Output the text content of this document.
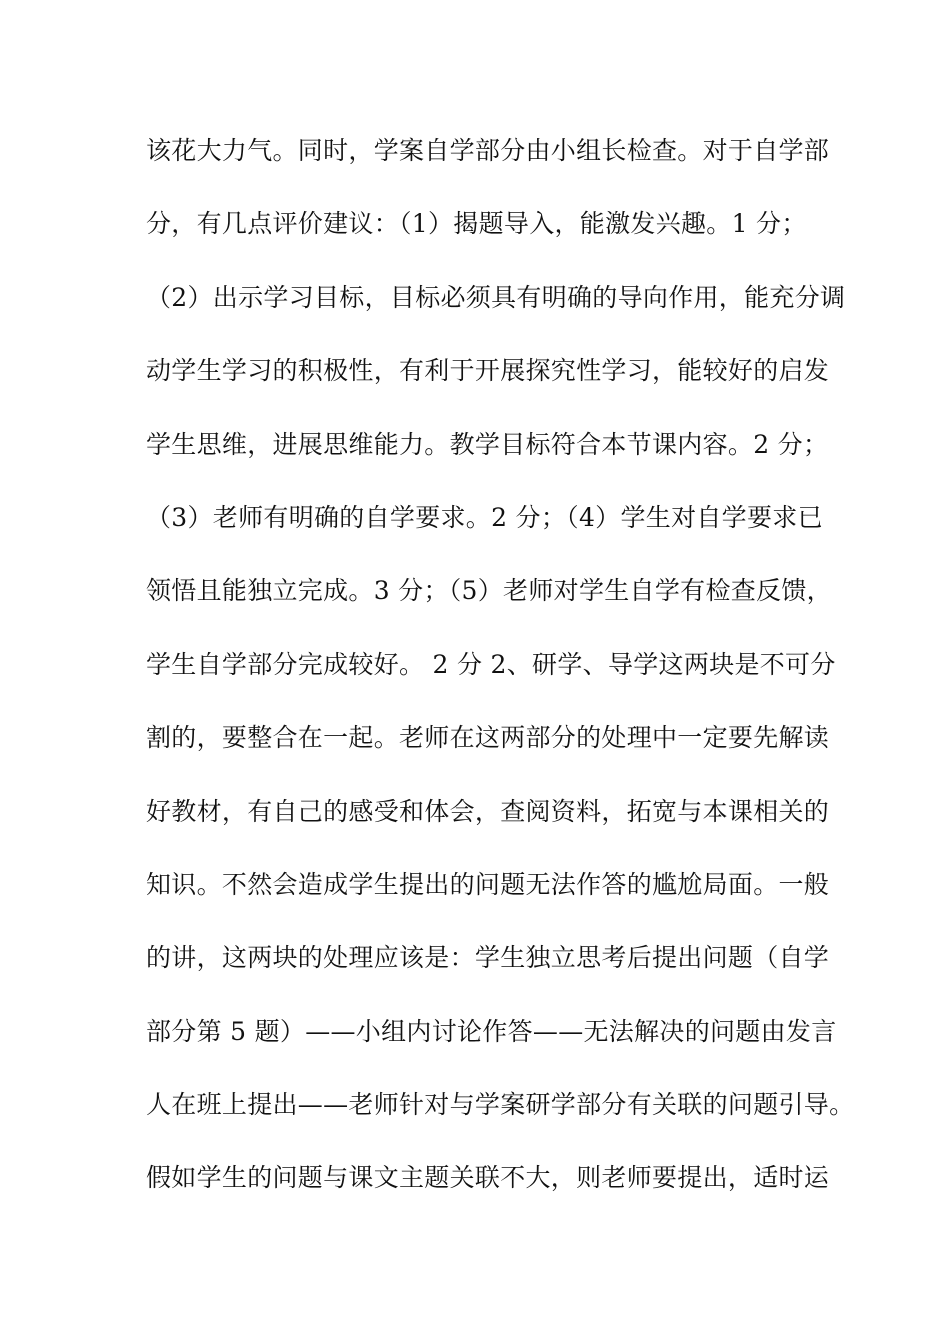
该花大力气。同时，学案自学部分由小组长检查。对于自学部
分，有几点评价建议：（1）揭题导入，能激发兴趣。1 分；
（2）出示学习目标，目标必须具有明确的导向作用，能充分调
动学生学习的积极性，有利于开展探究性学习，能较好的启发
学生思维，进展思维能力。教学目标符合本节课内容。2 分；
（3）老师有明确的自学要求。2 分；（4）学生对自学要求已
领悟且能独立完成。3 分；（5）老师对学生自学有检查反馈，
学生自学部分完成较好。 2 分 2、研学、导学这两块是不可分
割的，要整合在一起。老师在这两部分的处理中一定要先解读
好教材，有自己的感受和体会，查阅资料，拓宽与本课相关的
知识。不然会造成学生提出的问题无法作答的尴尬局面。一般
的讲，这两块的处理应该是：学生独立思考后提出问题（自学
部分第 5 题）——小组内讨论作答——无法解决的问题由发言
人在班上提出——老师针对与学案研学部分有关联的问题引导。
假如学生的问题与课文主题关联不大，则老师要提出，适时运
